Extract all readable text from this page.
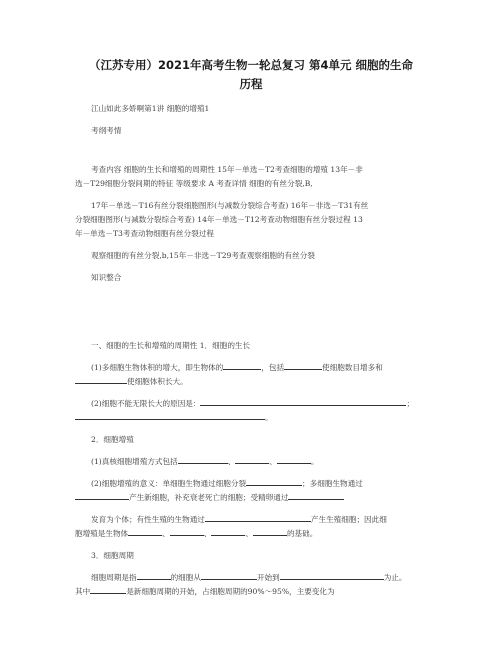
（江苏专用）2021年高考生物一轮总复习 第4单元 细胞的生命
历程
江山如此多娇啊第1讲 细胞的增殖1
考纲考情
考查内容 细胞的生长和增殖的周期性 15年－单选－T2考查细胞的增殖 13年－非
选－T29细胞分裂间期的特征 等级要求 A 考查详情 细胞的有丝分裂,B,
17年－单选－T16有丝分裂细胞图形(与减数分裂综合考查) 16年－非选－T31有丝
分裂细胞图形(与减数分裂综合考查) 14年－单选－T12考查动物细胞有丝分裂过程 13
年－单选－T3考查动物细胞有丝分裂过程
观察细胞的有丝分裂,b,15年－非选－T29考查观察细胞的有丝分裂
知识整合
一、细胞的生长和增殖的周期性 1．细胞的生长
(1)多细胞生物体积的增大，即生物体的	，包括	使细胞数目增多和
使细胞体积长大。
(2)细胞不能无限长大的原因是：	；
。
2．细胞增殖
(1)真核细胞增殖方式包括	、	、	。
(2)细胞增殖的意义：单细胞生物通过细胞分裂	；多细胞生物通过
产生新细胞，补充衰老死亡的细胞；受精卵通过
发育为个体；有性生殖的生物通过	产生生殖细胞；因此细
胞增殖是生物体	、	、	、	的基础。
3．细胞周期
细胞周期是指	的细胞从	开始到	为止。
其中	是新细胞周期的开始，占细胞周期的90%～95%，主要变化为
